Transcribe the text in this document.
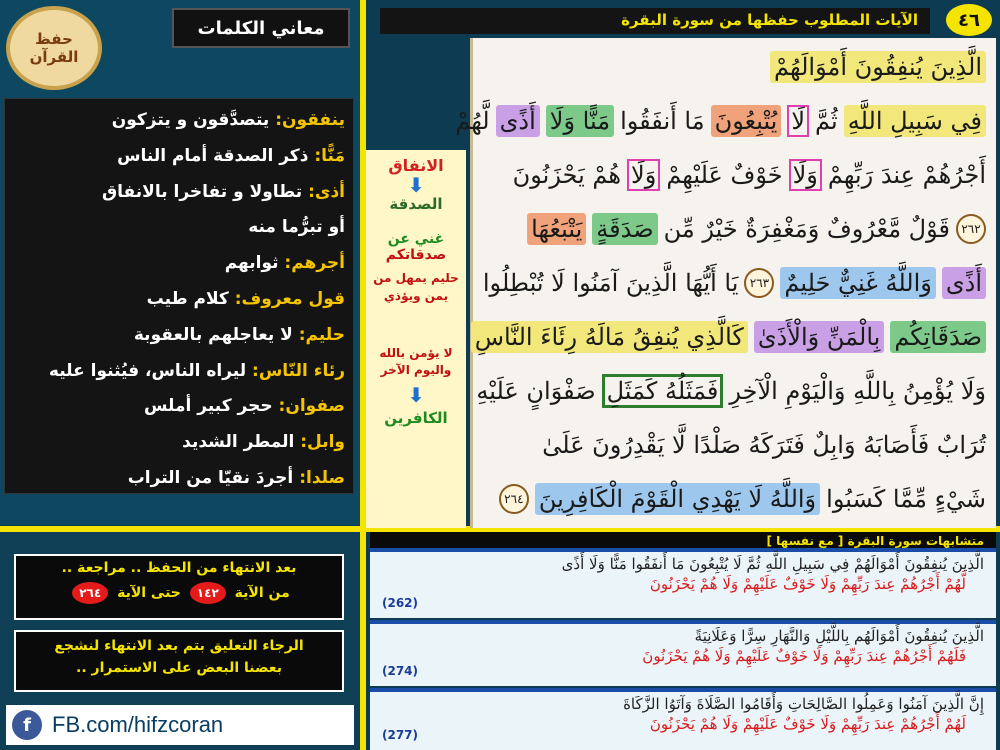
حفظ
القرآن
معاني الكلمات
ينفقون: يتصدَّقون و يتزكون
مَنًّا: ذكر الصدقة أمام الناس
أذى: تطاولا و تفاخرا بالانفاق
أو تبرُّما منه
أجرهم: ثوابهم
قول معروف: كلام طيب
حليم: لا يعاجلهم بالعقوبة
رئاء النّاس: ليراه الناس، فيُثنوا عليه
صفوان: حجر كبير أملس
وابل: المطر الشديد
صلدا: أجردَ نقيّا من التراب
الآيات المطلوب حفظها من سورة البقرة	٤٦
الَّذِينَ يُنفِقُونَ أَمْوَالَهُمْ
فِي سَبِيلِ اللَّهِ
ثُمَّ
لَا
يُتْبِعُونَ
مَا أَنفَقُوا
مَنًّا وَلَا
أَذًى
لَّهُمْ
أَجْرُهُمْ عِندَ رَبِّهِمْ
وَلَا
خَوْفٌ عَلَيْهِمْ
وَلَا
هُمْ يَحْزَنُونَ
٢٦٢
قَوْلٌ مَّعْرُوفٌ وَمَغْفِرَةٌ خَيْرٌ مِّن
صَدَقَةٍ
يَتْبَعُهَا
أَذًى
وَاللَّهُ غَنِيٌّ حَلِيمٌ
٢٦٣
يَا أَيُّهَا الَّذِينَ آمَنُوا لَا تُبْطِلُوا
صَدَقَاتِكُم
بِالْمَنِّ وَالْأَذَىٰ
كَالَّذِي يُنفِقُ مَالَهُ رِئَاءَ النَّاسِ
وَلَا يُؤْمِنُ بِاللَّهِ وَالْيَوْمِ الْآخِرِ
فَمَثَلُهُ كَمَثَلِ
صَفْوَانٍ عَلَيْهِ
تُرَابٌ فَأَصَابَهُ وَابِلٌ فَتَرَكَهُ صَلْدًا لَّا يَقْدِرُونَ عَلَىٰ
شَيْءٍ مِّمَّا كَسَبُوا
وَاللَّهُ لَا يَهْدِي الْقَوْمَ الْكَافِرِينَ
٢٦٤
الانفاق
⬇
الصدقة
غني عن
صدقاتكم
حليم يمهل من
يمن ويؤذي
لا يؤمن بالله
واليوم الآخر
⬇
الكافرين
بعد الانتهاء من الحفظ .. مراجعة ..
من الآية ١٤٢ حتى الآية ٢٦٤
الرجاء التعليق بتم بعد الانتهاء لنشجع
بعضنا البعض على الاستمرار ..
f FB.com/hifzcoran
متشابهات سورة البقرة [ مع نفسها ]
الَّذِينَ يُنفِقُونَ أَمْوَالَهُمْ فِي سَبِيلِ اللَّهِ ثُمَّ لَا يُتْبِعُونَ مَا أَنفَقُوا مَنًّا وَلَا أَذًى
لَّهُمْ أَجْرُهُمْ عِندَ رَبِّهِمْ وَلَا خَوْفٌ عَلَيْهِمْ وَلَا هُمْ يَحْزَنُونَ
(262)
الَّذِينَ يُنفِقُونَ أَمْوَالَهُم بِاللَّيْلِ وَالنَّهَارِ سِرًّا وَعَلَانِيَةً
فَلَهُمْ أَجْرُهُمْ عِندَ رَبِّهِمْ وَلَا خَوْفٌ عَلَيْهِمْ وَلَا هُمْ يَحْزَنُونَ
(274)
إِنَّ الَّذِينَ آمَنُوا وَعَمِلُوا الصَّالِحَاتِ وَأَقَامُوا الصَّلَاةَ وَآتَوُا الزَّكَاةَ
لَهُمْ أَجْرُهُمْ عِندَ رَبِّهِمْ وَلَا خَوْفٌ عَلَيْهِمْ وَلَا هُمْ يَحْزَنُونَ
(277)
